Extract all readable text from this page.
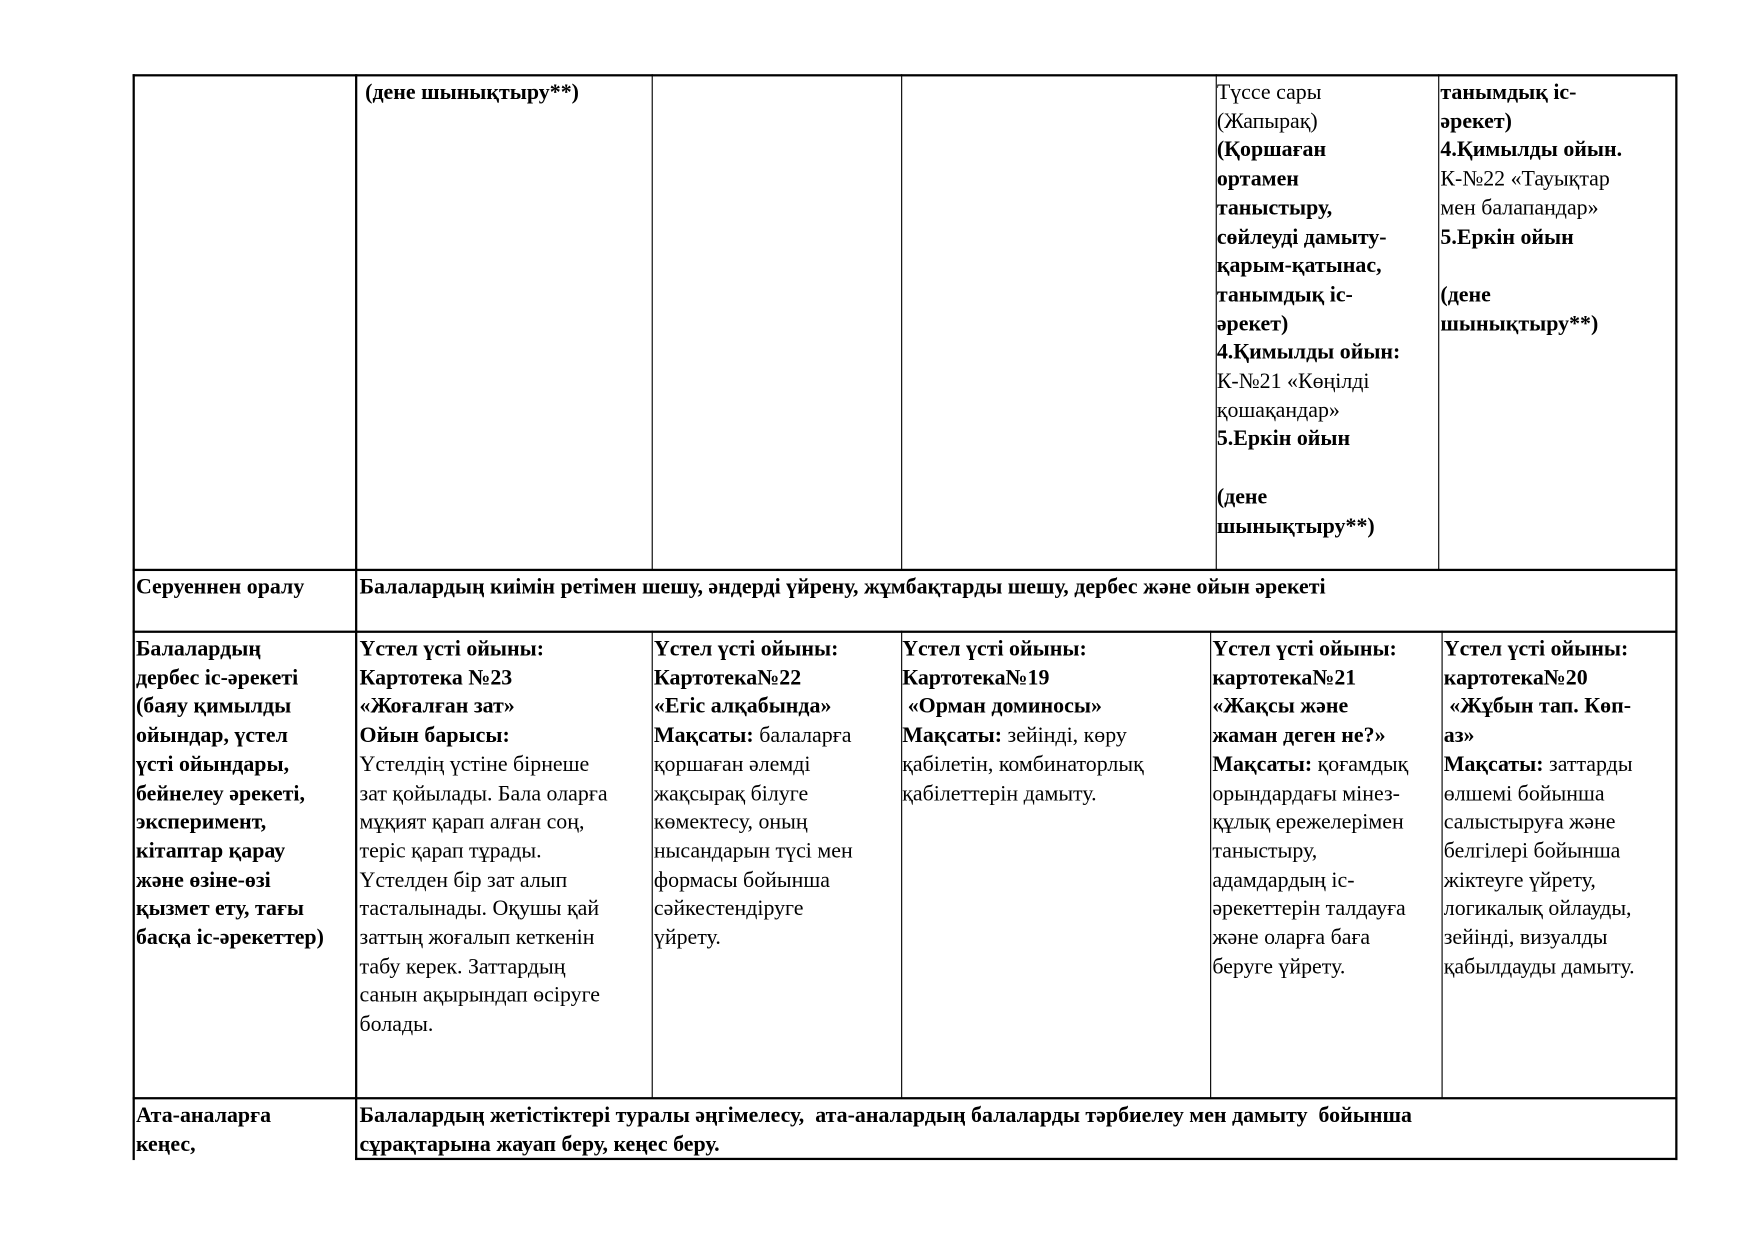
(дене шынықтыру**)	Түссе сары
(Жапырақ)
(Қоршаған
ортамен
таныстыру,
сөйлеуді дамыту-
қарым-қатынас,
танымдық іс-
әрекет)
4.Қимылды ойын:
К-№21 «Көңілді
қошақандар»
5.Еркін ойын
(дене
шынықтыру**)
танымдық іс-
әрекет)
4.Қимылды ойын.
К-№22 «Тауықтар
мен балапандар»
5.Еркін ойын
(дене
шынықтыру**)
Серуеннен оралу	Балалардың киімін ретімен шешу, әндерді үйрену, жұмбақтарды шешу, дербес және ойын әрекеті
Балалардың
дербес іс-әрекеті
(баяу қимылды
ойындар, үстел
үсті ойындары,
бейнелеу әрекеті,
эксперимент,
кітаптар қарау
және өзіне-өзі
қызмет ету, тағы
басқа іс-әрекеттер)
Үстел үсті ойыны:
Картотека №23
«Жоғалған зат»
Ойын барысы:
Үстелдің үстіне бірнеше
зат қойылады. Бала оларға
мұқият қарап алған соң,
теріс қарап тұрады.
Үстелден бір зат алып
тасталынады. Оқушы қай
заттың жоғалып кеткенін
табу керек. Заттардың
санын ақырындап өсіруге
болады.
Үстел үсті ойыны:
Картотека№22
«Егіс алқабында»
Мақсаты: балаларға
қоршаған әлемді
жақсырақ білуге
көмектесу, оның
нысандарын түсі мен
формасы бойынша
сәйкестендіруге
үйрету.
Үстел үсті ойыны:
Картотека№19
«Орман доминосы»
Мақсаты: зейінді, көру
қабілетін, комбинаторлық
қабілеттерін дамыту.
Үстел үсті ойыны:
картотека№21
«Жақсы және
жаман деген не?»
Мақсаты: қоғамдық
орындардағы мінез-
құлық ережелерімен
таныстыру,
адамдардың іс-
әрекеттерін талдауға
және оларға баға
беруге үйрету.
Үстел үсті ойыны:
картотека№20
«Жұбын тап. Көп-
аз»
Мақсаты: заттарды
өлшемі бойынша
салыстыруға және
белгілері бойынша
жіктеуге үйрету,
логикалық ойлауды,
зейінді, визуалды
қабылдауды дамыту.
Ата-аналарға
кеңес,
Балалардың жетістіктері туралы әңгімелесу,  ата-аналардың балаларды тәрбиелеу мен дамыту  бойынша
сұрақтарына жауап беру, кеңес беру.
